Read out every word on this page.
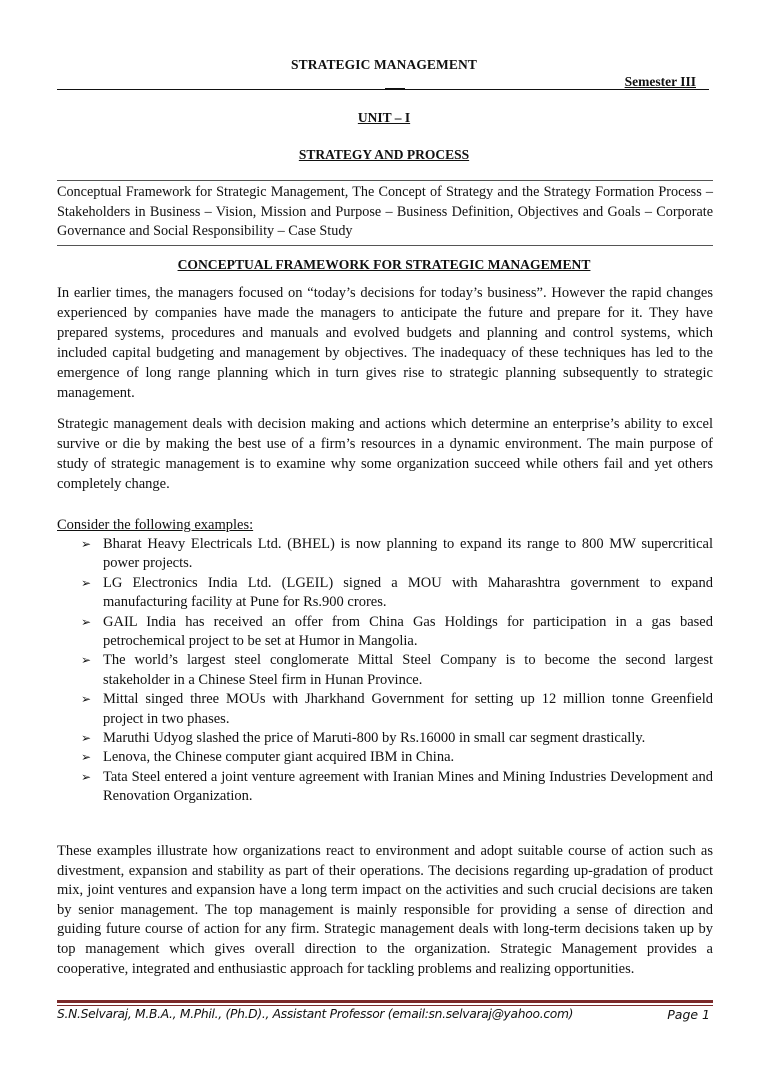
STRATEGIC MANAGEMENT
Semester III
UNIT – I
STRATEGY AND PROCESS
Conceptual Framework for Strategic Management, The Concept of Strategy and the Strategy Formation Process – Stakeholders in Business – Vision, Mission and Purpose – Business Definition, Objectives and Goals – Corporate Governance and Social Responsibility – Case Study
CONCEPTUAL FRAMEWORK FOR STRATEGIC MANAGEMENT
In earlier times, the managers focused on “today’s decisions for today’s business”. However the rapid changes experienced by companies have made the managers to anticipate the future and prepare for it. They have prepared systems, procedures and manuals and evolved budgets and planning and control systems, which included capital budgeting and management by objectives. The inadequacy of these techniques has led to the emergence of long range planning which in turn gives rise to strategic planning subsequently to strategic management.
Strategic management deals with decision making and actions which determine an enterprise’s ability to excel survive or die by making the best use of a firm’s resources in a dynamic environment. The main purpose of study of strategic management is to examine why some organization succeed while others fail and yet others completely change.
Consider the following examples:
➢ Bharat Heavy Electricals Ltd. (BHEL) is now planning to expand its range to 800 MW supercritical power projects.
➢ LG Electronics India Ltd. (LGEIL) signed a MOU with Maharashtra government to expand manufacturing facility at Pune for Rs.900 crores.
➢ GAIL India has received an offer from China Gas Holdings for participation in a gas based petrochemical project to be set at Humor in Mangolia.
➢ The world’s largest steel conglomerate Mittal Steel Company is to become the second largest stakeholder in a Chinese Steel firm in Hunan Province.
➢ Mittal singed three MOUs with Jharkhand Government for setting up 12 million tonne Greenfield project in two phases.
➢ Maruthi Udyog slashed the price of Maruti-800 by Rs.16000 in small car segment drastically.
➢ Lenova, the Chinese computer giant acquired IBM in China.
➢ Tata Steel entered a joint venture agreement with Iranian Mines and Mining Industries Development and Renovation Organization.
These examples illustrate how organizations react to environment and adopt suitable course of action such as divestment, expansion and stability as part of their operations. The decisions regarding up-gradation of product mix, joint ventures and expansion have a long term impact on the activities and such crucial decisions are taken by senior management. The top management is mainly responsible for providing a sense of direction and guiding future course of action for any firm. Strategic management deals with long-term decisions taken up by top management which gives overall direction to the organization. Strategic Management provides a cooperative, integrated and enthusiastic approach for tackling problems and realizing opportunities.
S.N.Selvaraj, M.B.A., M.Phil., (Ph.D)., Assistant Professor (email:sn.selvaraj@yahoo.com)	Page 1
